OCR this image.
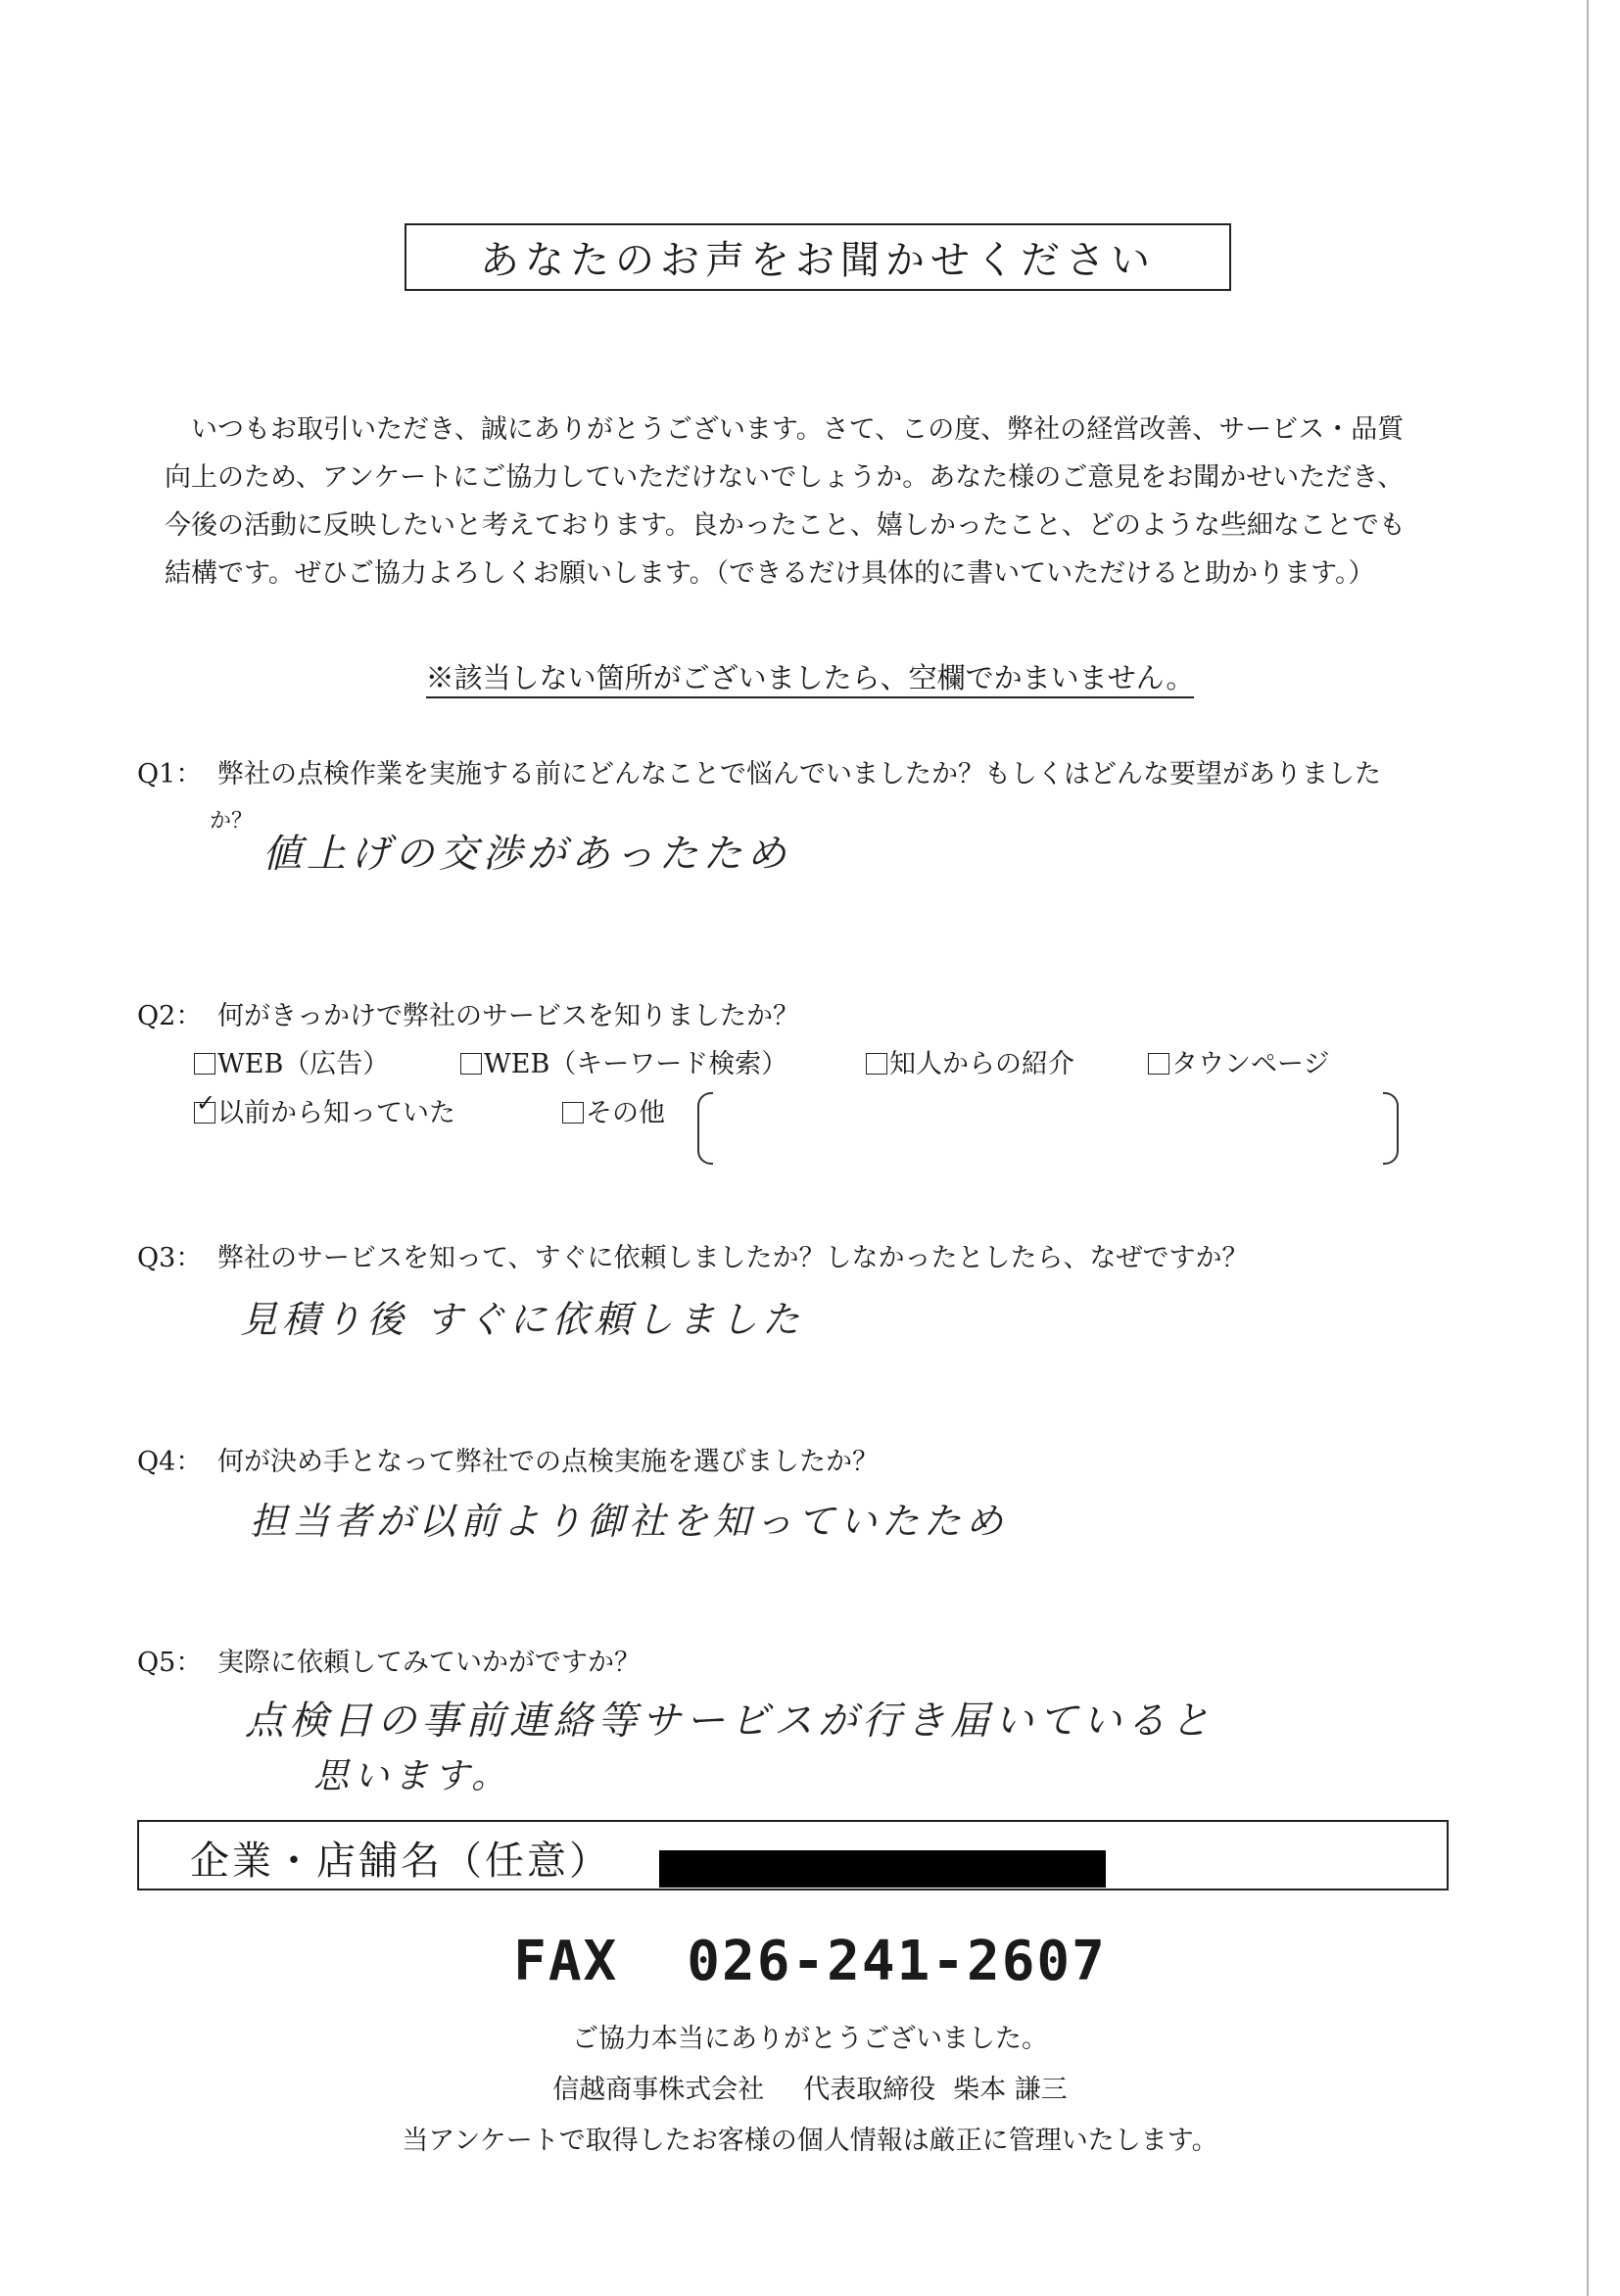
あなたのお声をお聞かせください

いつもお取引いただき、誠にありがとうございます。さて、この度、弊社の経営改善、サービス・品質

向上のため、アンケートにご協力していただけないでしょうか。あなた様のご意見をお聞かせいただき、

今後の活動に反映したいと考えております。良かったこと、嬉しかったこと、どのような些細なことでも

結構です。ぜひご協力よろしくお願いします。（できるだけ具体的に書いていただけると助かります。）

※該当しない箇所がございましたら、空欄でかまいません。
Q1： 弊社の点検作業を実施する前にどんなことで悩んでいましたか？もしくはどんな要望がありました
か？
値上げの交渉があったため
Q2： 何がきっかけで弊社のサービスを知りましたか？
WEB（広告）	WEB（キーワード検索）	知人からの紹介	タウンページ
✓以前から知っていた	その他
Q3： 弊社のサービスを知って、すぐに依頼しましたか？しなかったとしたら、なぜですか？
見積り後 すぐに依頼しました
Q4： 何が決め手となって弊社での点検実施を選びましたか？
担当者が以前より御社を知っていたため
Q5： 実際に依頼してみていかがですか？
点検日の事前連絡等サービスが行き届いていると
思います。
企業・店舗名（任意）
FAX 026-241-2607
ご協力本当にありがとうございました。
信越商事株式会社 代表取締役 柴本 謙三
当アンケートで取得したお客様の個人情報は厳正に管理いたします。
